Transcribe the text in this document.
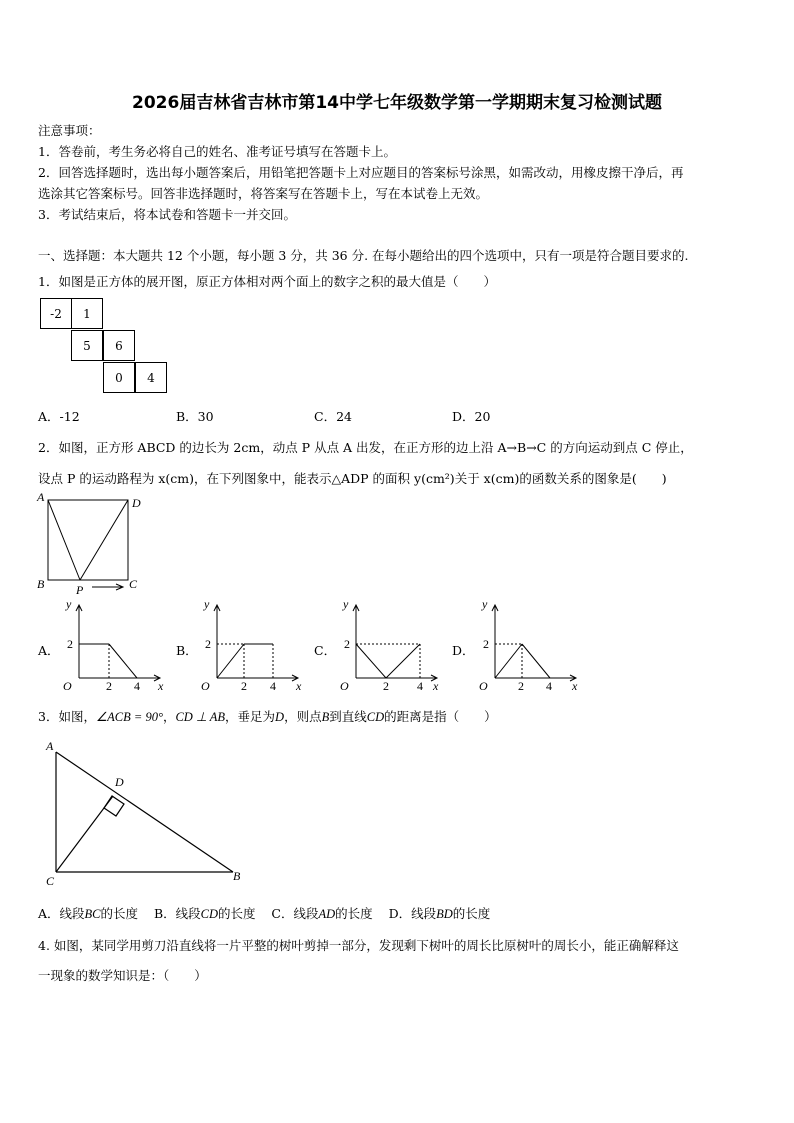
2026届吉林省吉林市第14中学七年级数学第一学期期末复习检测试题
注意事项：
1．答卷前，考生务必将自己的姓名、准考证号填写在答题卡上。
2．回答选择题时，选出每小题答案后，用铅笔把答题卡上对应题目的答案标号涂黑，如需改动，用橡皮擦干净后，再
选涂其它答案标号。回答非选择题时，将答案写在答题卡上，写在本试卷上无效。
3．考试结束后，将本试卷和答题卡一并交回。
一、选择题：本大题共 12 个小题，每小题 3 分，共 36 分. 在每小题给出的四个选项中，只有一项是符合题目要求的.
1．如图是正方体的展开图，原正方体相对两个面上的数字之积的最大值是（　　）
-2	1
5	6
0	4
A．-12	B．30	C．24	D．20
2．如图，正方形 ABCD 的边长为 2cm，动点 P 从点 A 出发，在正方形的边上沿 A→B→C 的方向运动到点 C 停止，
设点 P 的运动路程为 x(cm)，在下列图象中，能表示△ADP 的面积 y(cm²)关于 x(cm)的函数关系的图象是(　　)
A	D
B	C
P
A．	B．	C．	D．
y
2
O	2 4 x
y
2
O	2 4 x
y
2
O	2 4 x
y
2
O	2 4 x
3．如图，∠ACB = 90°，CD ⊥ AB，垂足为D，则点B到直线CD的距离是指（　　）
A
D
C	B
A．线段BC的长度 B．线段CD的长度 C．线段AD的长度 D．线段BD的长度
4. 如图，某同学用剪刀沿直线将一片平整的树叶剪掉一部分，发现剩下树叶的周长比原树叶的周长小，能正确解释这
一现象的数学知识是：（　　）
